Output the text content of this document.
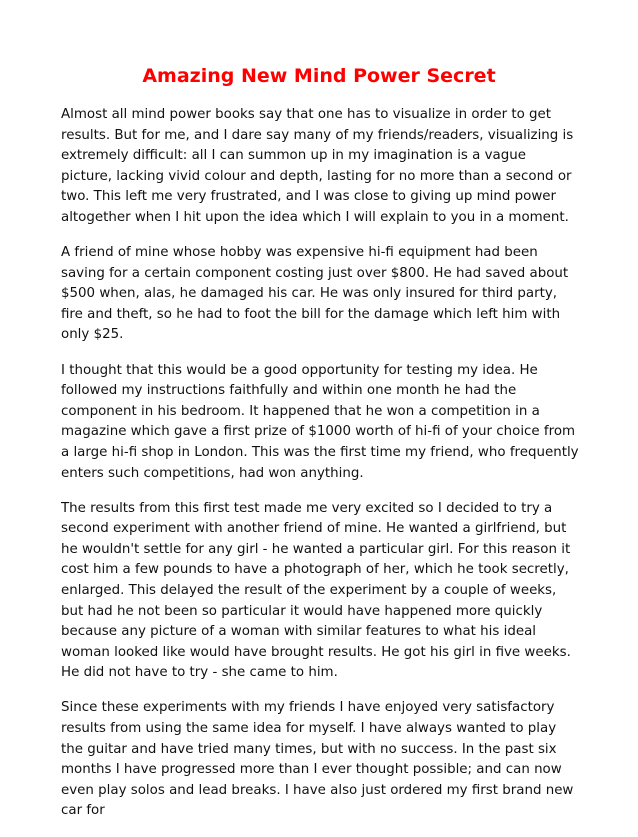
Amazing New Mind Power Secret

Almost all mind power books say that one has to visualize in order to get results. But for me, and I dare say many of my friends/readers, visualizing is extremely difficult: all I can summon up in my imagination is a vague picture, lacking vivid colour and depth, lasting for no more than a second or two. This left me very frustrated, and I was close to giving up mind power altogether when I hit upon the idea which I will explain to you in a moment.

A friend of mine whose hobby was expensive hi-fi equipment had been saving for a certain component costing just over $800. He had saved about $500 when, alas, he damaged his car. He was only insured for third party, fire and theft, so he had to foot the bill for the damage which left him with only $25.

I thought that this would be a good opportunity for testing my idea. He followed my instructions faithfully and within one month he had the component in his bedroom. It happened that he won a competition in a magazine which gave a first prize of $1000 worth of hi-fi of your choice from a large hi-fi shop in London. This was the first time my friend, who frequently enters such competitions, had won anything.

The results from this first test made me very excited so I decided to try a second experiment with another friend of mine. He wanted a girlfriend, but he wouldn't settle for any girl - he wanted a particular girl. For this reason it cost him a few pounds to have a photograph of her, which he took secretly, enlarged. This delayed the result of the experiment by a couple of weeks, but had he not been so particular it would have happened more quickly because any picture of a woman with similar features to what his ideal woman looked like would have brought results. He got his girl in five weeks. He did not have to try - she came to him.

Since these experiments with my friends I have enjoyed very satisfactory results from using the same idea for myself. I have always wanted to play the guitar and have tried many times, but with no success. In the past six months I have progressed more than I ever thought possible; and can now even play solos and lead breaks. I have also just ordered my first brand new car for
